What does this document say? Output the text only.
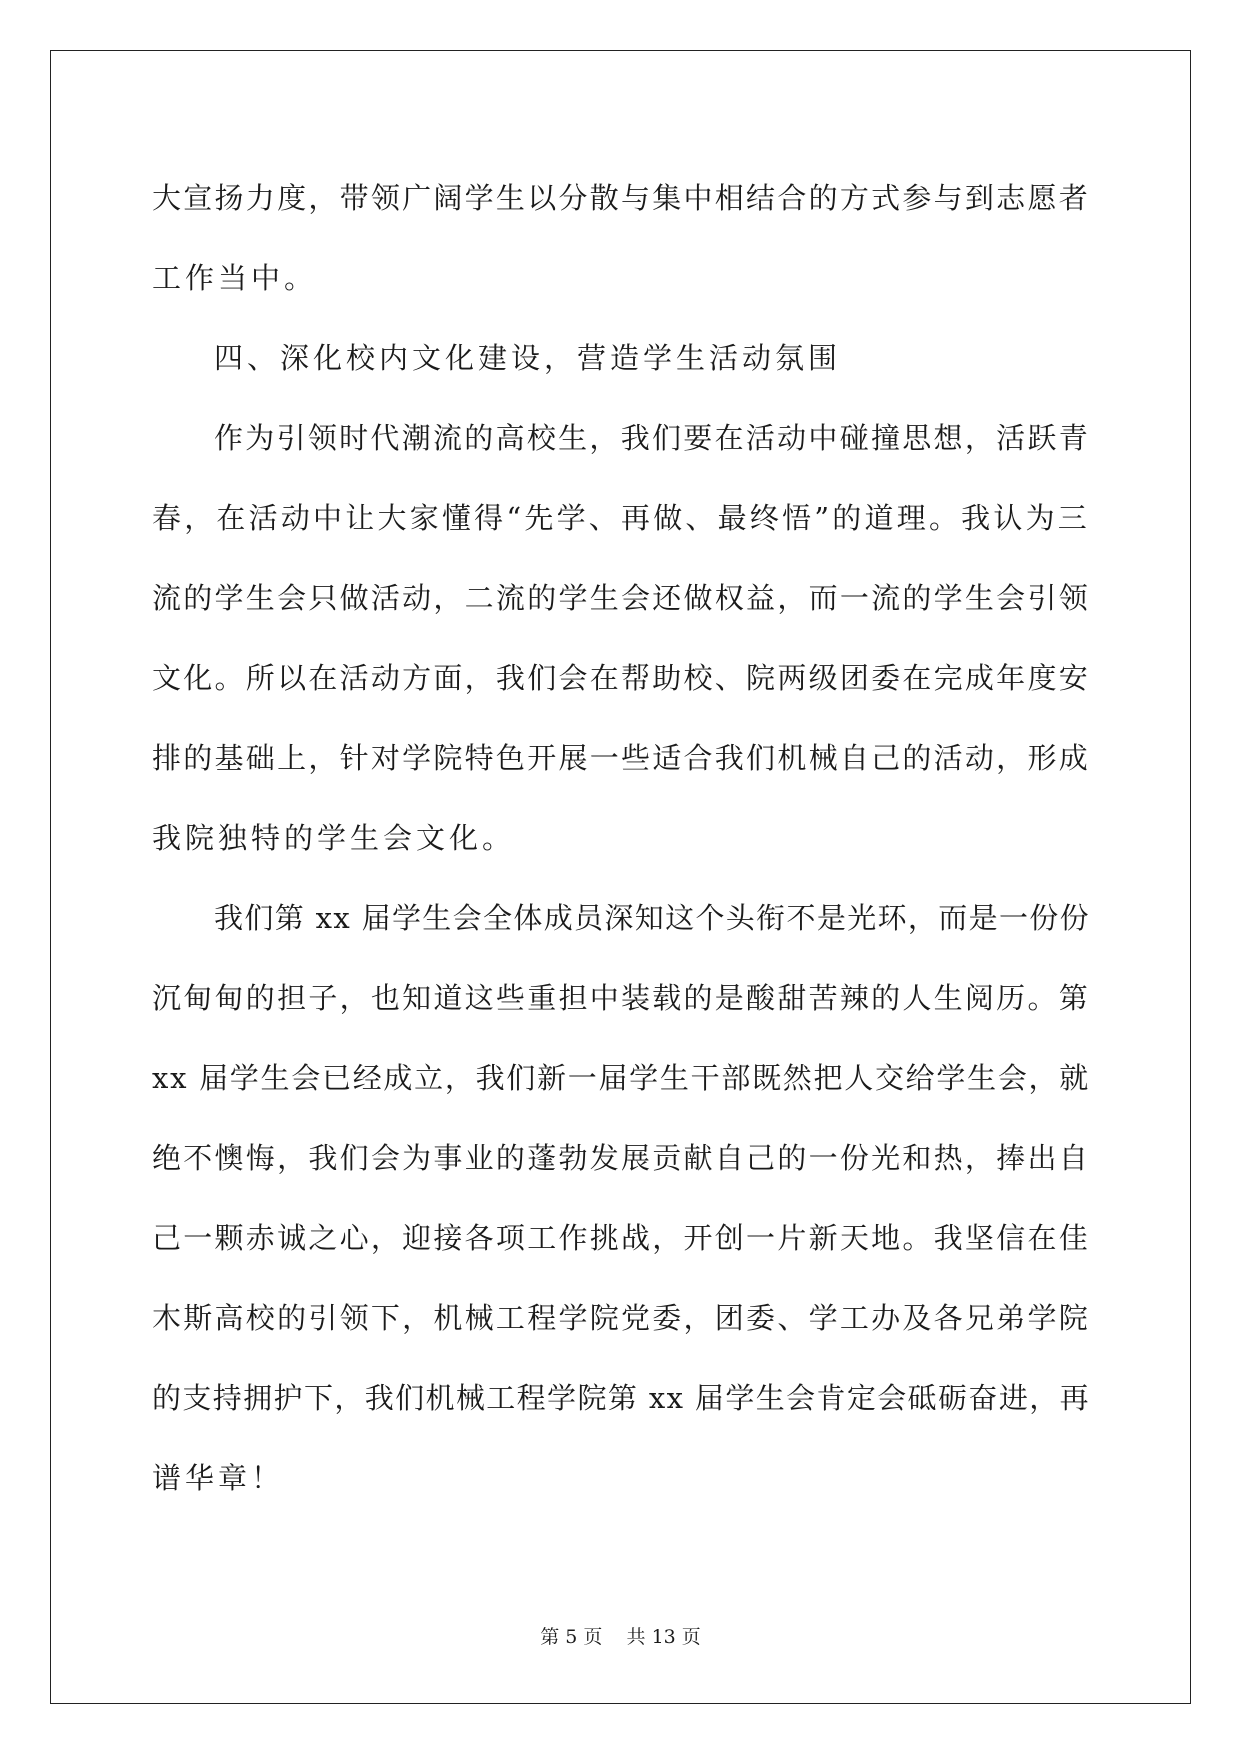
大宣扬力度，带领广阔学生以分散与集中相结合的方式参与到志愿者
工作当中。
四、深化校内文化建设，营造学生活动氛围
作为引领时代潮流的高校生，我们要在活动中碰撞思想，活跃青
春，在活动中让大家懂得“先学、再做、最终悟”的道理。我认为三
流的学生会只做活动，二流的学生会还做权益，而一流的学生会引领
文化。所以在活动方面，我们会在帮助校、院两级团委在完成年度安
排的基础上，针对学院特色开展一些适合我们机械自己的活动，形成
我院独特的学生会文化。
我们第 xx 届学生会全体成员深知这个头衔不是光环，而是一份份
沉甸甸的担子，也知道这些重担中装载的是酸甜苦辣的人生阅历。第
xx 届学生会已经成立，我们新一届学生干部既然把人交给学生会，就
绝不懊悔，我们会为事业的蓬勃发展贡献自己的一份光和热，捧出自
己一颗赤诚之心，迎接各项工作挑战，开创一片新天地。我坚信在佳
木斯高校的引领下，机械工程学院党委，团委、学工办及各兄弟学院
的支持拥护下，我们机械工程学院第 xx 届学生会肯定会砥砺奋进，再
谱华章！
第 5 页    共 13 页
